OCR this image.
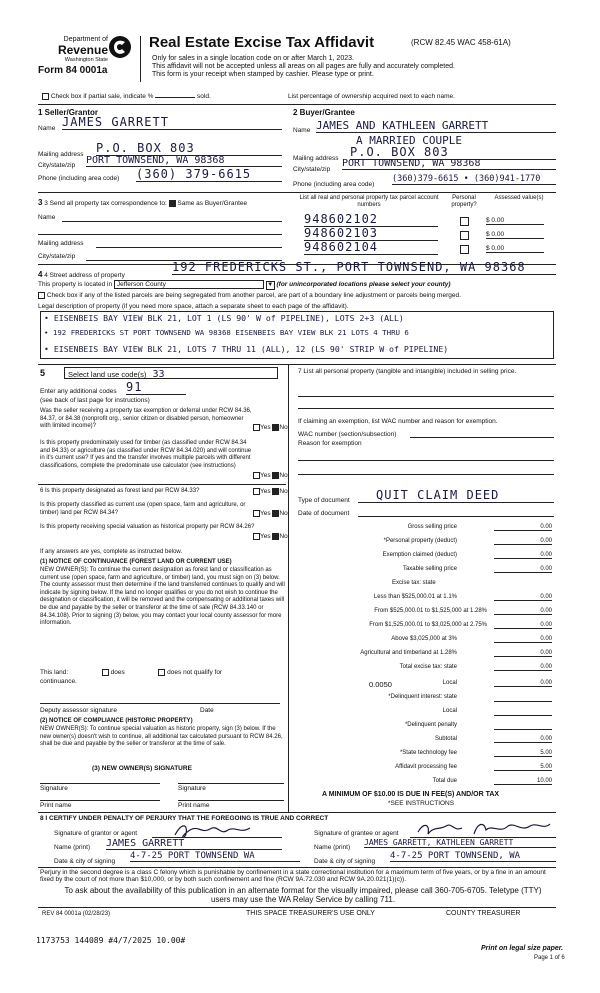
Department of
Revenue
Washington State
Form 84 0001a
Real Estate Excise Tax Affidavit	(RCW 82.45 WAC 458-61A)
Only for sales in a single location code on or after March 1, 2023.
This affidavit will not be accepted unless all areas on all pages are fully and accurately completed.
This form is your receipt when stamped by cashier. Please type or print.
Check box if partial sale, indicate %	sold.	List percentage of ownership acquired next to each name.
1 Seller/Grantor
Name JAMES GARRETT
Mailing address P.O. BOX 803
City/state/zip PORT TOWNSEND, WA 98368
Phone (including area code) (360) 379-6615
2 Buyer/Grantee
Name JAMES AND KATHLEEN GARRETT
A MARRIED COUPLE
Mailing address P.O. BOX 803
City/state/zip
PORT TOWNSEND, WA 98368
Phone (including area code)
(360)379-6615 • (360)941-1770
3 3 Send all property tax correspondence to: Same as Buyer/Grantee
Name
Mailing address
City/state/zip
List all real and personal property tax parcel account numbers
Personal property?
Assessed value(s)
948602102	$ 0.00
948602103	$ 0.00
948602104	$ 0.00
4 4 Street address of property
192 FREDERICKS ST., PORT TOWNSEND, WA 98368
This property is located in Jefferson County	▼ (for unincorporated locations please select your county)
Check box if any of the listed parcels are being segregated from another parcel, are part of a boundary line adjustment or parcels being merged.
Legal description of property (if you need more space, attach a separate sheet to each page of the affidavit).
• EISENBEIS BAY VIEW BLK 21, LOT 1 (LS 90' W of PIPELINE), LOTS 2+3 (ALL)
• 192 FREDERICKS ST PORT TOWNSEND WA 98368 EISENBEIS BAY VIEW BLK 21 LOTS 4 THRU 6
• EISENBEIS BAY VIEW BLK 21, LOTS 7 THRU 11 (ALL), 12 (LS 90' STRIP W of PIPELINE)
5	Select land use code(s) 33
Enter any additional codes 91
(see back of last page for instructions)
Was the seller receiving a property tax exemption or deferral under RCW 84.36, 84.37, or 84.38 (nonprofit org., senior citizen or disabled person, homeowner with limited income)?	Yes No
Is this property predominately used for timber (as classified under RCW 84.34 and 84.33) or agriculture (as classified under RCW 84.34.020) and will continue in it's current use? If yes and the transfer involves multiple parcels with different classifications, complete the predominate use calculator (see instructions)
Yes No
6 Is this property designated as forest land per RCW 84.33?	Yes No
Is this property classified as current use (open space, farm and agriculture, or timber) land per RCW 84.34?	Yes No
Is this property receiving special valuation as historical property per RCW 84.26?
Yes No
If any answers are yes, complete as instructed below.
(1) NOTICE OF CONTINUANCE (FOREST LAND OR CURRENT USE)
NEW OWNER(S): To continue the current designation as forest land or classification as current use (open space, farm and agriculture, or timber) land, you must sign on (3) below. The county assessor must then determine if the land transferred continues to qualify and will indicate by signing below. If the land no longer qualifies or you do not wish to continue the designation or classification, it will be removed and the compensating or additional taxes will be due and payable by the seller or transferor at the time of sale (RCW 84.33.140 or 84.34.108). Prior to signing (3) below, you may contact your local county assessor for more information.
This land:	does	does not qualify for
continuance.
Deputy assessor signature	Date
(2) NOTICE OF COMPLIANCE (HISTORIC PROPERTY)
NEW OWNER(S): To continue special valuation as historic property, sign (3) below. If the new owner(s) doesn't wish to continue, all additional tax calculated pursuant to RCW 84.26, shall be due and payable by the seller or transferor at the time of sale.
(3) NEW OWNER(S) SIGNATURE
Signature	Signature
Print name	Print name
7 List all personal property (tangible and intangible) included in selling price.
If claiming an exemption, list WAC number and reason for exemption.
WAC number (section/subsection)
Reason for exemption
Type of document	QUIT CLAIM DEED
Date of document
Gross selling price	0.00
*Personal property (deduct)	0.00
Exemption claimed (deduct)	0.00
Taxable selling price	0.00
Excise tax: state
Less than $525,000.01 at 1.1%	0.00
From $525,000.01 to $1,525,000 at 1.28%	0.00
From $1,525,000.01 to $3,025,000 at 2.75%	0.00
Above $3,025,000 at 3%	0.00
Agricultural and timberland at 1.28%	0.00
Total excise tax: state	0.00
0.0050	Local	0.00
*Delinquent interest: state
Local
*Delinquent penalty
Subtotal	0.00
*State technology fee	5.00
Affidavit processing fee	5.00
Total due	10.00
A MINIMUM OF $10.00 IS DUE IN FEE(S) AND/OR TAX
*SEE INSTRUCTIONS
8 I CERTIFY UNDER PENALTY OF PERJURY THAT THE FOREGOING IS TRUE AND CORRECT
Signature of grantor or agent	Signature of grantee or agent
Name (print) JAMES GARRETT	Name (print)
JAMES GARRETT, KATHLEEN GARRETT
Date & city of signing
4-7-25 PORT TOWNSEND WA
Date & city of signing
4-7-25 PORT TOWNSEND, WA
Perjury in the second degree is a class C felony which is punishable by confinement in a state correctional institution for a maximum term of five years, or by a fine in an amount fixed by the court of not more than $10,000, or by both such confinement and fine (RCW 9A.72.030 and RCW 9A.20.021(1)(c)).
To ask about the availability of this publication in an alternate format for the visually impaired, please call 360-705-6705. Teletype (TTY) users may use the WA Relay Service by calling 711.
REV 84 0001a (02/28/23)	THIS SPACE TREASURER'S USE ONLY	COUNTY TREASURER
1173753 144089 #4/7/2025 10.00#
Print on legal size paper.
Page 1 of 6
